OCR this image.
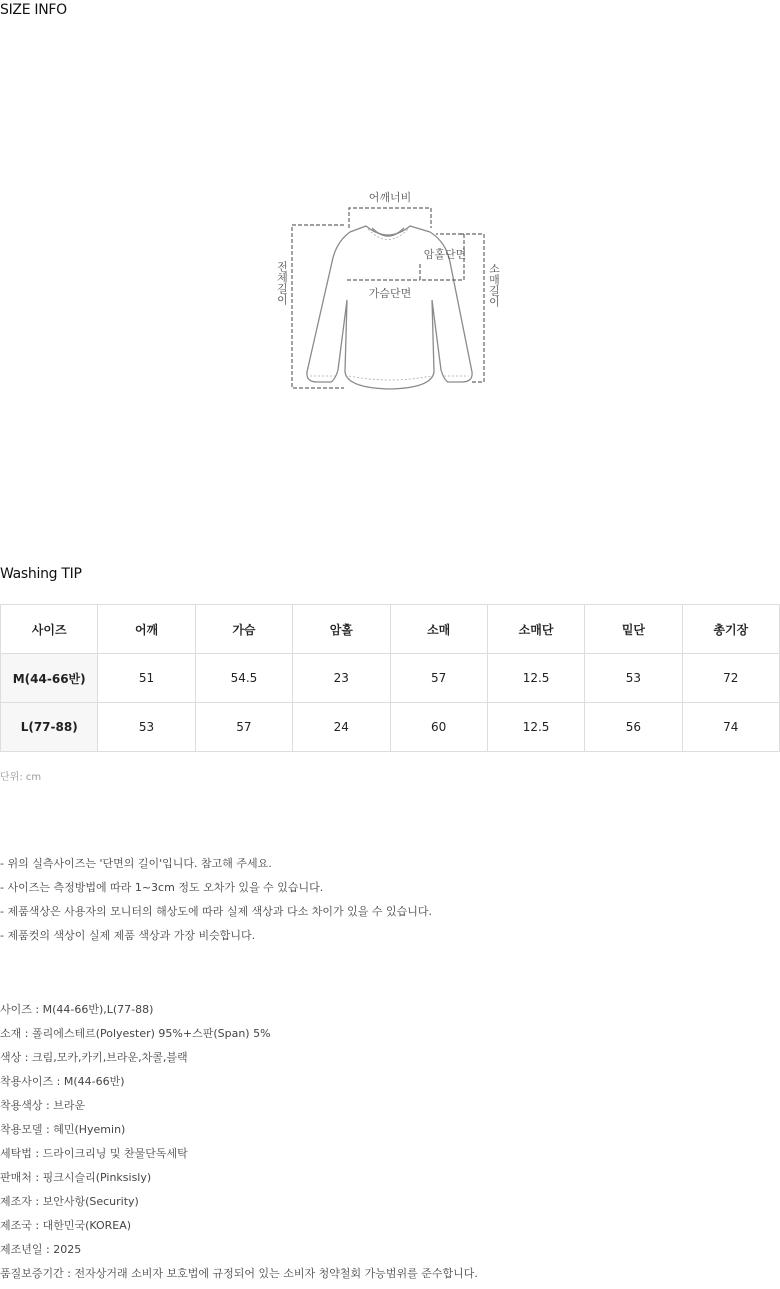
SIZE INFO
어깨너비
암홀단면
가슴단면
전체길이	소매길이
Washing TIP
사이즈	어깨	가슴	암홀	소매	소매단	밑단	총기장
M(44-66반)	51	54.5	23	57	12.5	53	72
L(77-88)	53	57	24	60	12.5	56	74
단위: cm
- 위의 실측사이즈는 '단면의 길이'입니다. 참고해 주세요.
- 사이즈는 측정방법에 따라 1~3cm 정도 오차가 있을 수 있습니다.
- 제품색상은 사용자의 모니터의 해상도에 따라 실제 색상과 다소 차이가 있을 수 있습니다.
- 제품컷의 색상이 실제 제품 색상과 가장 비슷합니다.
사이즈 : M(44-66반),L(77-88)
소재 : 폴리에스테르(Polyester) 95%+스판(Span) 5%
색상 : 크림,모카,카키,브라운,차콜,블랙
착용사이즈 : M(44-66반)
착용색상 : 브라운
착용모델 : 혜민(Hyemin)
세탁법 : 드라이크리닝 및 찬물단독세탁
판매처 : 핑크시슬리(Pinksisly)
제조자 : 보안사항(Security)
제조국 : 대한민국(KOREA)
제조년일 : 2025
품질보증기간 : 전자상거래 소비자 보호법에 규정되어 있는 소비자 청약철회 가능범위를 준수합니다.
